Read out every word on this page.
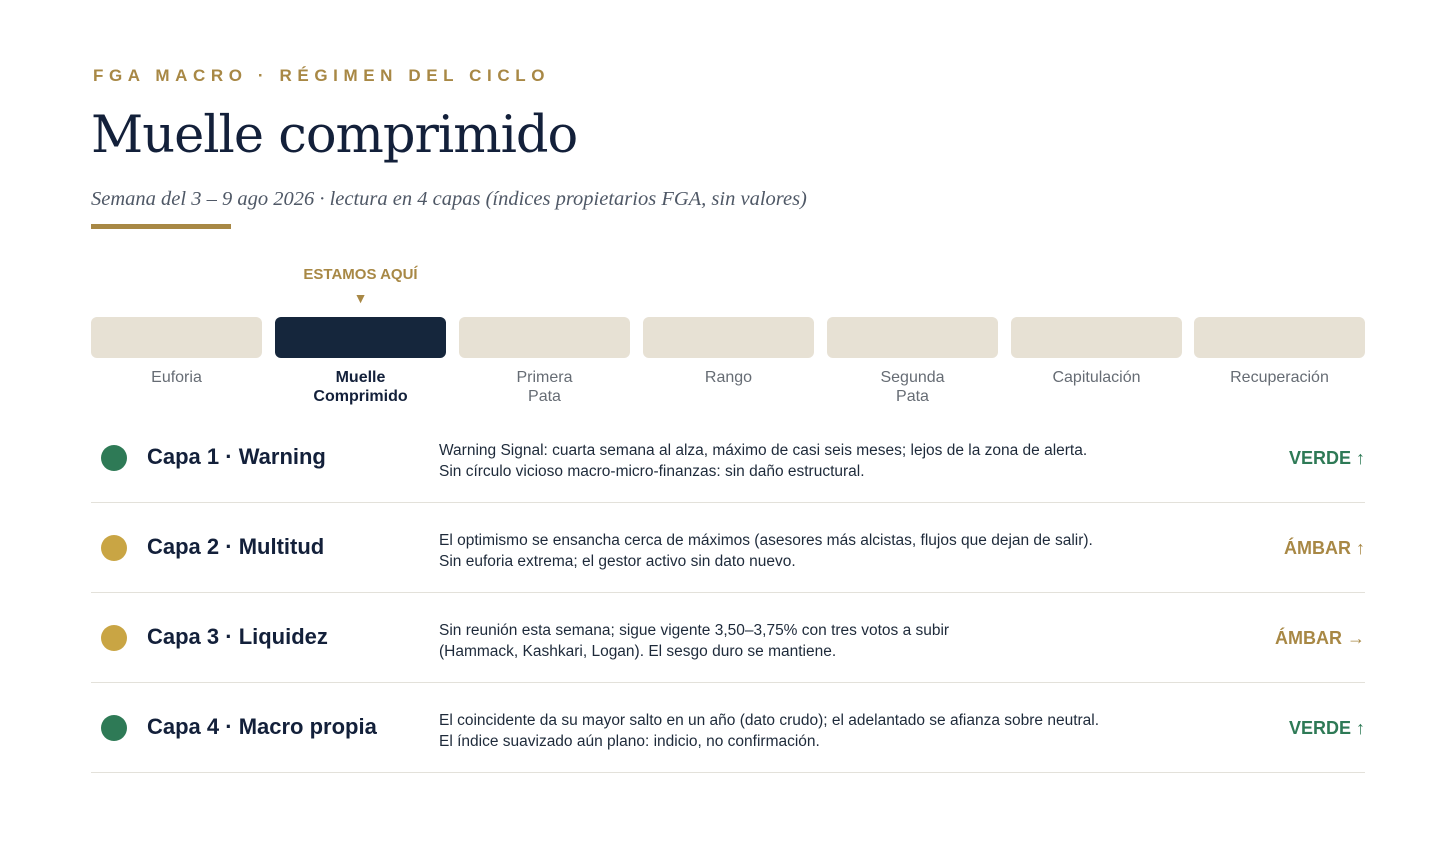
FGA MACRO · RÉGIMEN DEL CICLO
Muelle comprimido
Semana del 3 – 9 ago 2026 · lectura en 4 capas (índices propietarios FGA, sin valores)
ESTAMOS AQUÍ
▼
Euforia	Muelle
Comprimido
Primera
Pata
Rango	Segunda
Pata
Capitulación	Recuperación
Capa 1 · Warning	Warning Signal: cuarta semana al alza, máximo de casi seis meses; lejos de la zona de alerta.
Sin círculo vicioso macro-micro-finanzas: sin daño estructural.
VERDE ↑
Capa 2 · Multitud	El optimismo se ensancha cerca de máximos (asesores más alcistas, flujos que dejan de salir).
Sin euforia extrema; el gestor activo sin dato nuevo.
ÁMBAR ↑
Capa 3 · Liquidez	Sin reunión esta semana; sigue vigente 3,50–3,75% con tres votos a subir
(Hammack, Kashkari, Logan). El sesgo duro se mantiene.
ÁMBAR →
Capa 4 · Macro propia	El coincidente da su mayor salto en un año (dato crudo); el adelantado se afianza sobre neutral.
El índice suavizado aún plano: indicio, no confirmación.
VERDE ↑
